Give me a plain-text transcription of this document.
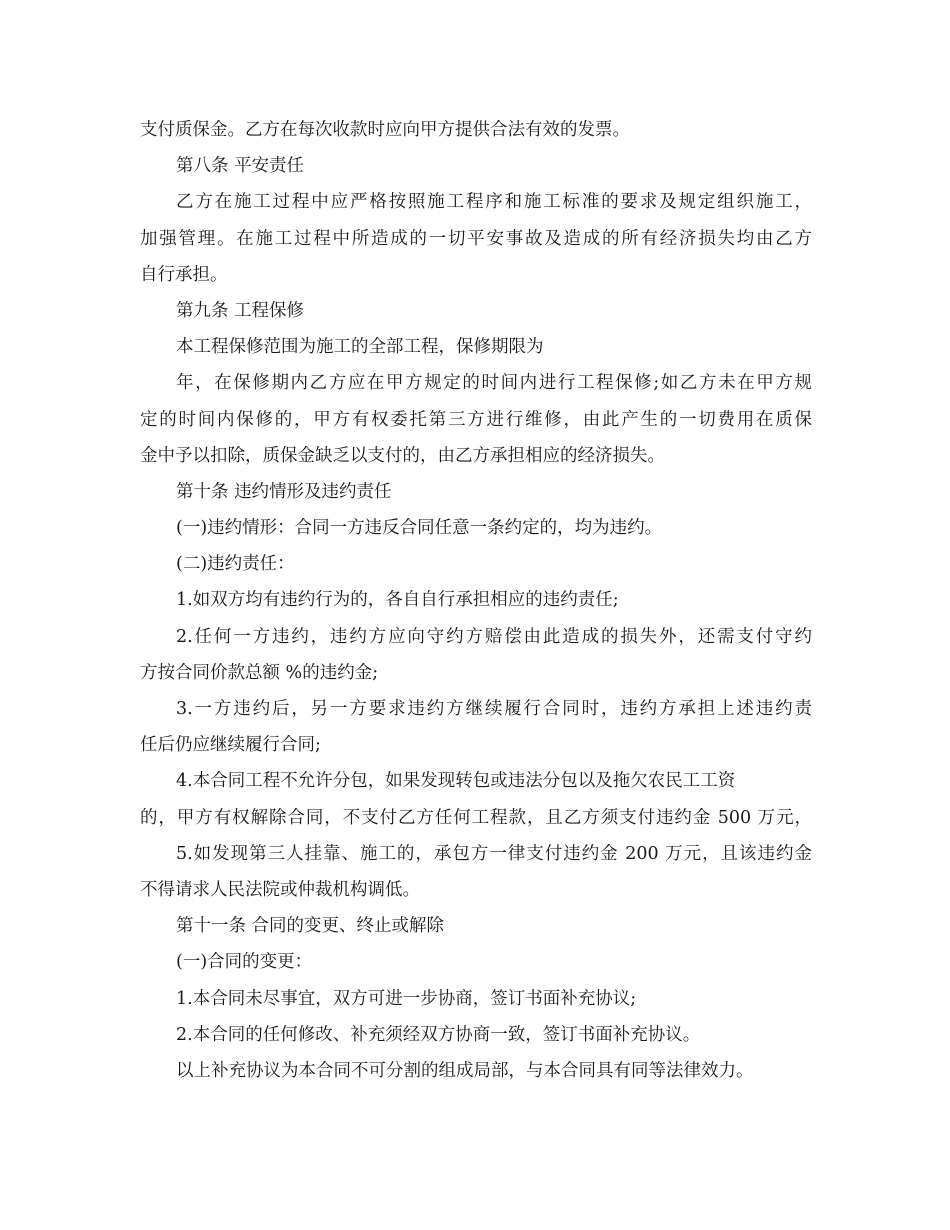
支付质保金。乙方在每次收款时应向甲方提供合法有效的发票。
第八条 平安责任
乙方在施工过程中应严格按照施工程序和施工标准的要求及规定组织施工，
加强管理。在施工过程中所造成的一切平安事故及造成的所有经济损失均由乙方
自行承担。
第九条 工程保修
本工程保修范围为施工的全部工程，保修期限为
年，在保修期内乙方应在甲方规定的时间内进行工程保修;如乙方未在甲方规
定的时间内保修的，甲方有权委托第三方进行维修，由此产生的一切费用在质保
金中予以扣除，质保金缺乏以支付的，由乙方承担相应的经济损失。
第十条 违约情形及违约责任
(一)违约情形：合同一方违反合同任意一条约定的，均为违约。
(二)违约责任：
1.如双方均有违约行为的，各自自行承担相应的违约责任;
2.任何一方违约，违约方应向守约方赔偿由此造成的损失外，还需支付守约
方按合同价款总额 %的违约金;
3.一方违约后，另一方要求违约方继续履行合同时，违约方承担上述违约责
任后仍应继续履行合同;
4.本合同工程不允许分包，如果发现转包或违法分包以及拖欠农民工工资
的，甲方有权解除合同，不支付乙方任何工程款，且乙方须支付违约金 500 万元，
5.如发现第三人挂靠、施工的，承包方一律支付违约金 200 万元，且该违约金
不得请求人民法院或仲裁机构调低。
第十一条 合同的变更、终止或解除
(一)合同的变更：
1.本合同未尽事宜，双方可进一步协商，签订书面补充协议;
2.本合同的任何修改、补充须经双方协商一致，签订书面补充协议。
以上补充协议为本合同不可分割的组成局部，与本合同具有同等法律效力。
